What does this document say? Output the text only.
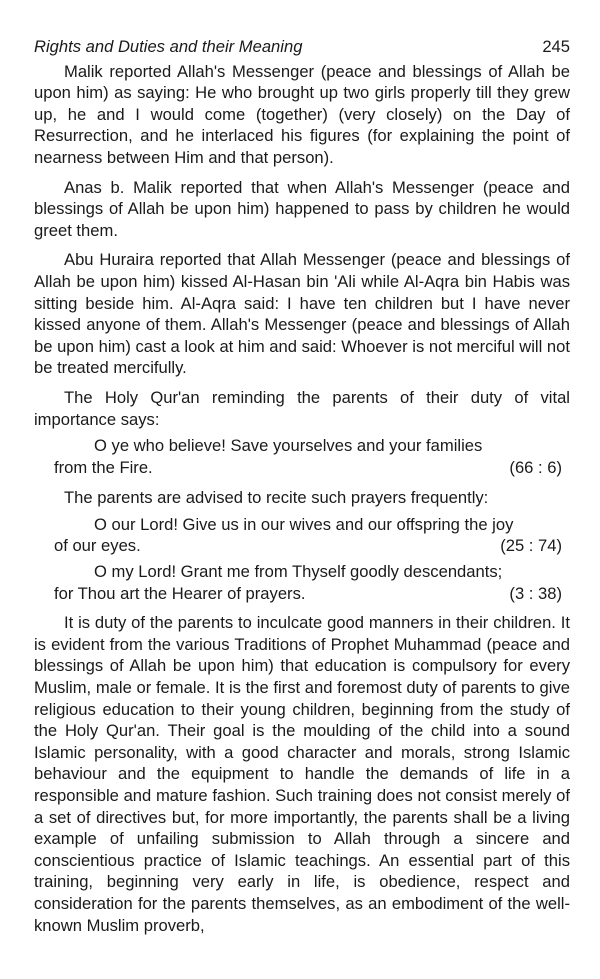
Rights and Duties and their Meaning	245

Malik reported Allah's Messenger (peace and blessings of Allah be upon him) as saying: He who brought up two girls properly till they grew up, he and I would come (together) (very closely) on the Day of Resurrection, and he interlaced his figures (for explaining the point of nearness between Him and that person).

Anas b. Malik reported that when Allah's Messenger (peace and blessings of Allah be upon him) happened to pass by children he would greet them.

Abu Huraira reported that Allah Messenger (peace and blessings of Allah be upon him) kissed Al-Hasan bin 'Ali while Al-Aqra bin Habis was sitting beside him. Al-Aqra said: I have ten children but I have never kissed anyone of them. Allah's Messenger (peace and blessings of Allah be upon him) cast a look at him and said: Whoever is not merciful will not be treated mercifully.

The Holy Qur'an reminding the parents of their duty of vital importance says:

O ye who believe! Save yourselves and your families

from the Fire.	(66 : 6)

The parents are advised to recite such prayers frequently:

O our Lord! Give us in our wives and our offspring the joy

of our eyes.	(25 : 74)

O my Lord! Grant me from Thyself goodly descendants;

for Thou art the Hearer of prayers.	(3 : 38)

It is duty of the parents to inculcate good manners in their children. It is evident from the various Traditions of Prophet Muhammad (peace and blessings of Allah be upon him) that education is compulsory for every Muslim, male or female. It is the first and foremost duty of parents to give religious education to their young children, beginning from the study of the Holy Qur'an. Their goal is the moulding of the child into a sound Islamic personality, with a good character and morals, strong Islamic behaviour and the equipment to handle the demands of life in a responsible and mature fashion. Such training does not consist merely of a set of directives but, for more importantly, the parents shall be a living example of unfailing submission to Allah through a sincere and conscientious practice of Islamic teachings. An essential part of this training, beginning very early in life, is obedience, respect and consideration for the parents themselves, as an embodiment of the well-known Muslim proverb,
